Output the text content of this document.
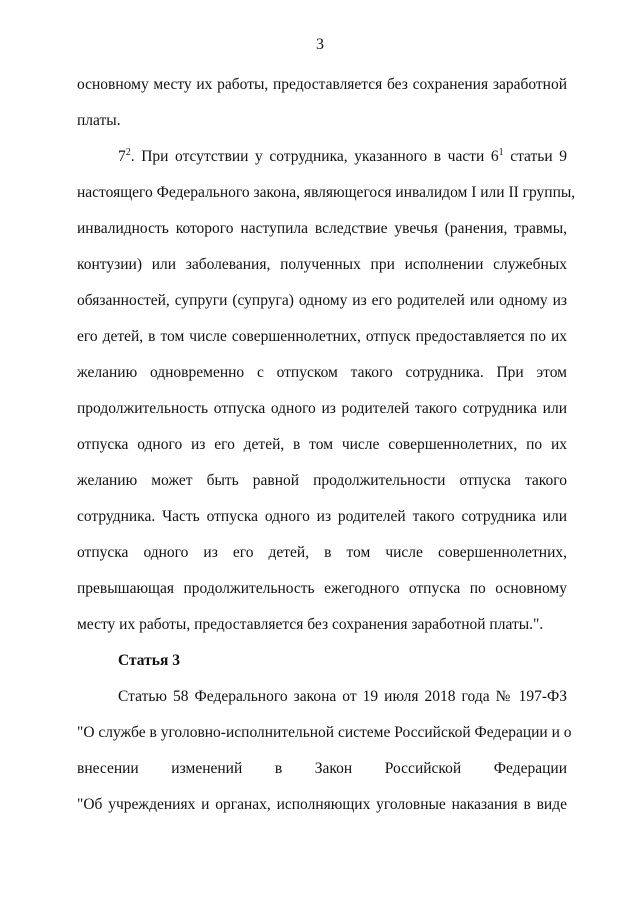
3
основному месту их работы, предоставляется без сохранения заработной
платы.
$7^2$. При отсутствии у сотрудника, указанного в части $6^1$ статьи 9
настоящего Федерального закона, являющегося инвалидом I или II группы,
инвалидность которого наступила вследствие увечья (ранения, травмы,
контузии) или заболевания, полученных при исполнении служебных
обязанностей, супруги (супруга) одному из его родителей или одному из
его детей, в том числе совершеннолетних, отпуск предоставляется по их
желанию одновременно с отпуском такого сотрудника. При этом
продолжительность отпуска одного из родителей такого сотрудника или
отпуска одного из его детей, в том числе совершеннолетних, по их
желанию может быть равной продолжительности отпуска такого
сотрудника. Часть отпуска одного из родителей такого сотрудника или
отпуска одного из его детей, в том числе совершеннолетних,
превышающая продолжительность ежегодного отпуска по основному
месту их работы, предоставляется без сохранения заработной платы.".
Статья 3
Статью 58 Федерального закона от 19 июля 2018 года № 197-ФЗ
"О службе в уголовно-исполнительной системе Российской Федерации и о
внесении изменений в Закон Российской Федерации
"Об учреждениях и органах, исполняющих уголовные наказания в виде
